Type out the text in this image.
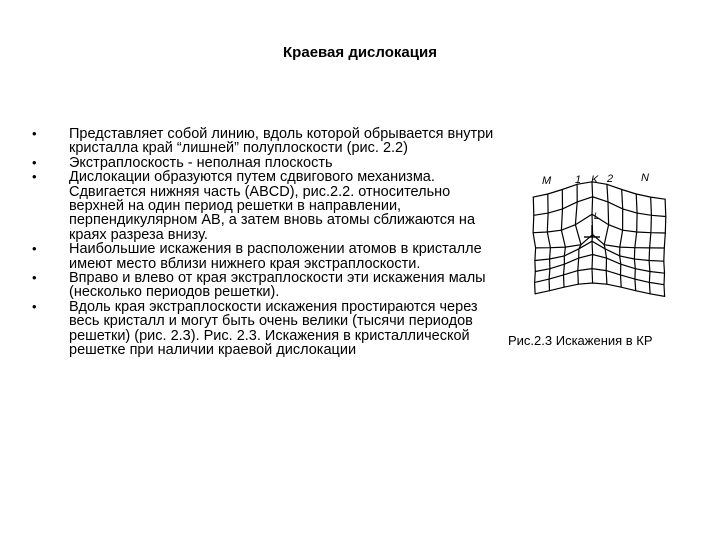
Краевая дислокация
• Представляет собой линию, вдоль которой обрывается внутри кристалла край “лишней” полуплоскости (рис. 2.2)
• Экстраплоскость - неполная плоскость
• Дислокации образуются путем сдвигового механизма. Сдвигается нижняя часть (ABCD), рис.2.2. относительно верхней на один период решетки в направлении, перпендикулярном AB, а затем вновь атомы сближаются на краях разреза внизу.
• Наибольшие искажения в расположении атомов в кристалле имеют место вблизи нижнего края экстраплоскости.
• Вправо и влево от края экстраплоскости эти искажения малы (несколько периодов решетки).
• Вдоль края экстраплоскости искажения простираются через весь кристалл и могут быть очень велики (тысячи периодов решетки) (рис. 2.3). Рис. 2.3. Искажения в кристаллической решетке при наличии краевой дислокации
M 1 K 2	N
L
Рис.2.3 Искажения в КР
